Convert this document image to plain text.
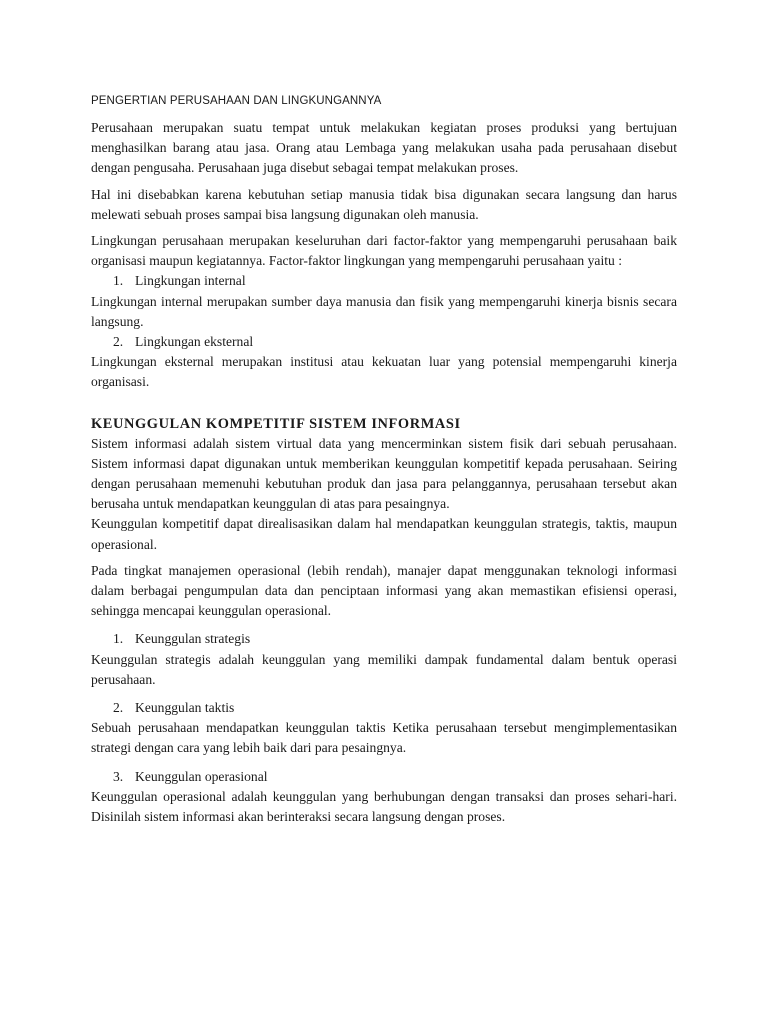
PENGERTIAN PERUSAHAAN DAN LINGKUNGANNYA

Perusahaan merupakan suatu tempat untuk melakukan kegiatan proses produksi yang bertujuan menghasilkan barang atau jasa. Orang atau Lembaga yang melakukan usaha pada perusahaan disebut dengan pengusaha. Perusahaan juga disebut sebagai tempat melakukan proses.

Hal ini disebabkan karena kebutuhan setiap manusia tidak bisa digunakan secara langsung dan harus melewati sebuah proses sampai bisa langsung digunakan oleh manusia.

Lingkungan perusahaan merupakan keseluruhan dari factor-faktor yang mempengaruhi perusahaan baik organisasi maupun kegiatannya. Factor-faktor lingkungan yang mempengaruhi perusahaan yaitu :

1. Lingkungan internal

Lingkungan internal merupakan sumber daya manusia dan fisik yang mempengaruhi kinerja bisnis secara langsung.

2. Lingkungan eksternal

Lingkungan eksternal merupakan institusi atau kekuatan luar yang potensial mempengaruhi kinerja organisasi.

KEUNGGULAN KOMPETITIF SISTEM INFORMASI

Sistem informasi adalah sistem virtual data yang mencerminkan sistem fisik dari sebuah perusahaan. Sistem informasi dapat digunakan untuk memberikan keunggulan kompetitif kepada perusahaan. Seiring dengan perusahaan memenuhi kebutuhan produk dan jasa para pelanggannya, perusahaan tersebut akan berusaha untuk mendapatkan keunggulan di atas para pesaingnya.

Keunggulan kompetitif dapat direalisasikan dalam hal mendapatkan keunggulan strategis, taktis, maupun operasional.

Pada tingkat manajemen operasional (lebih rendah), manajer dapat menggunakan teknologi informasi dalam berbagai pengumpulan data dan penciptaan informasi yang akan memastikan efisiensi operasi, sehingga mencapai keunggulan operasional.

1. Keunggulan strategis

Keunggulan strategis adalah keunggulan yang memiliki dampak fundamental dalam bentuk operasi perusahaan.

2. Keunggulan taktis

Sebuah perusahaan mendapatkan keunggulan taktis Ketika perusahaan tersebut mengimplementasikan strategi dengan cara yang lebih baik dari para pesaingnya.

3. Keunggulan operasional

Keunggulan operasional adalah keunggulan yang berhubungan dengan transaksi dan proses sehari-hari. Disinilah sistem informasi akan berinteraksi secara langsung dengan proses.
